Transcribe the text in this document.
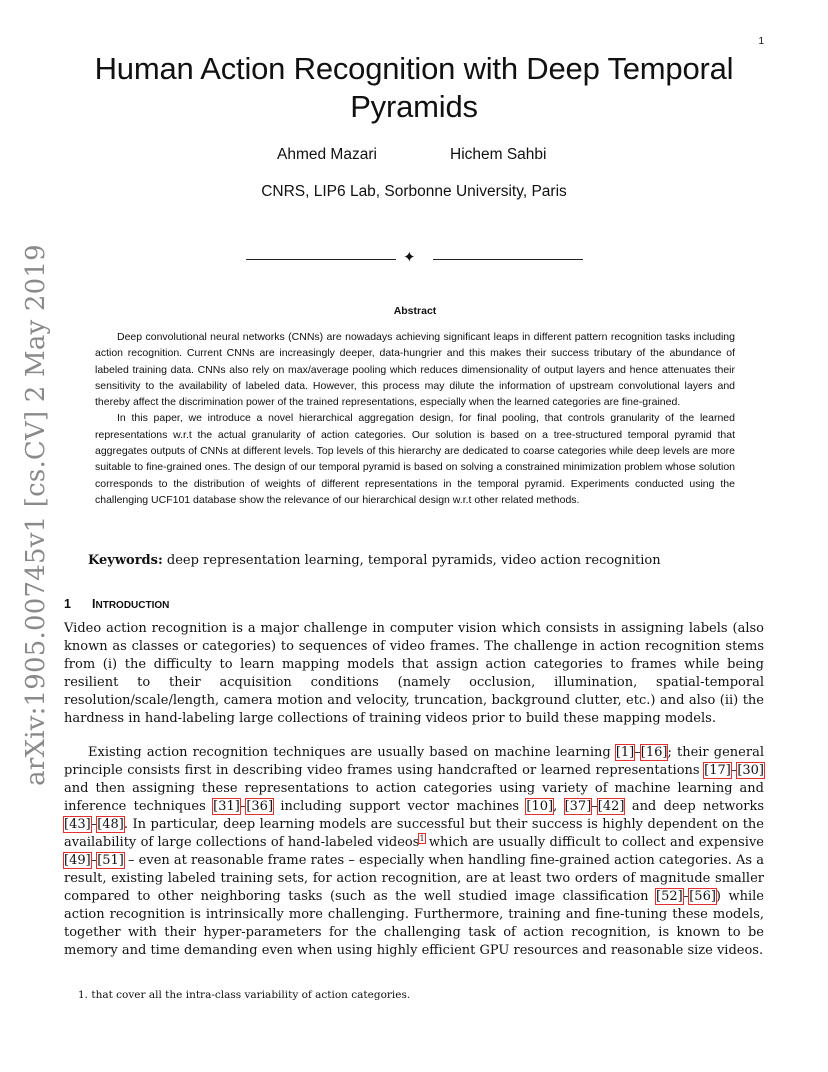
1
arXiv:1905.00745v1 [cs.CV] 2 May 2019
Human Action Recognition with Deep Temporal Pyramids
Ahmed Mazari	Hichem Sahbi
CNRS, LIP6 Lab, Sorbonne University, Paris
✦
Abstract

Deep convolutional neural networks (CNNs) are nowadays achieving significant leaps in different pattern recognition tasks including action recognition. Current CNNs are increasingly deeper, data-hungrier and this makes their success tributary of the abundance of labeled training data. CNNs also rely on max/average pooling which reduces dimensionality of output layers and hence attenuates their sensitivity to the availability of labeled data. However, this process may dilute the information of upstream convolutional layers and thereby affect the discrimination power of the trained representations, especially when the learned categories are fine-grained.

In this paper, we introduce a novel hierarchical aggregation design, for final pooling, that controls granularity of the learned representations w.r.t the actual granularity of action categories. Our solution is based on a tree-structured temporal pyramid that aggregates outputs of CNNs at different levels. Top levels of this hierarchy are dedicated to coarse categories while deep levels are more suitable to fine-grained ones. The design of our temporal pyramid is based on solving a constrained minimization problem whose solution corresponds to the distribution of weights of different representations in the temporal pyramid. Experiments conducted using the challenging UCF101 database show the relevance of our hierarchical design w.r.t other related methods.

Keywords: deep representation learning, temporal pyramids, video action recognition
1 INTRODUCTION
Video action recognition is a major challenge in computer vision which consists in assigning labels (also known as classes or categories) to sequences of video frames. The challenge in action recognition stems from (i) the difficulty to learn mapping models that assign action categories to frames while being resilient to their acquisition conditions (namely occlusion, illumination, spatial-temporal resolution/scale/length, camera motion and velocity, truncation, background clutter, etc.) and also (ii) the hardness in hand-labeling large collections of training videos prior to build these mapping models.
Existing action recognition techniques are usually based on machine learning [1]–[16]; their general principle consists first in describing video frames using handcrafted or learned representations [17]–[30] and then assigning these representations to action categories using variety of machine learning and inference techniques [31]–[36] including support vector machines [10], [37]–[42] and deep networks [43]–[48]. In particular, deep learning models are successful but their success is highly dependent on the availability of large collections of hand-labeled videos$^1$ which are usually difficult to collect and expensive [49]–[51] – even at reasonable frame rates – especially when handling fine-grained action categories. As a result, existing labeled training sets, for action recognition, are at least two orders of magnitude smaller compared to other neighboring tasks (such as the well studied image classification [52]–[56]) while action recognition is intrinsically more challenging. Furthermore, training and fine-tuning these models, together with their hyper-parameters for the challenging task of action recognition, is known to be memory and time demanding even when using highly efficient GPU resources and reasonable size videos.
1. that cover all the intra-class variability of action categories.
